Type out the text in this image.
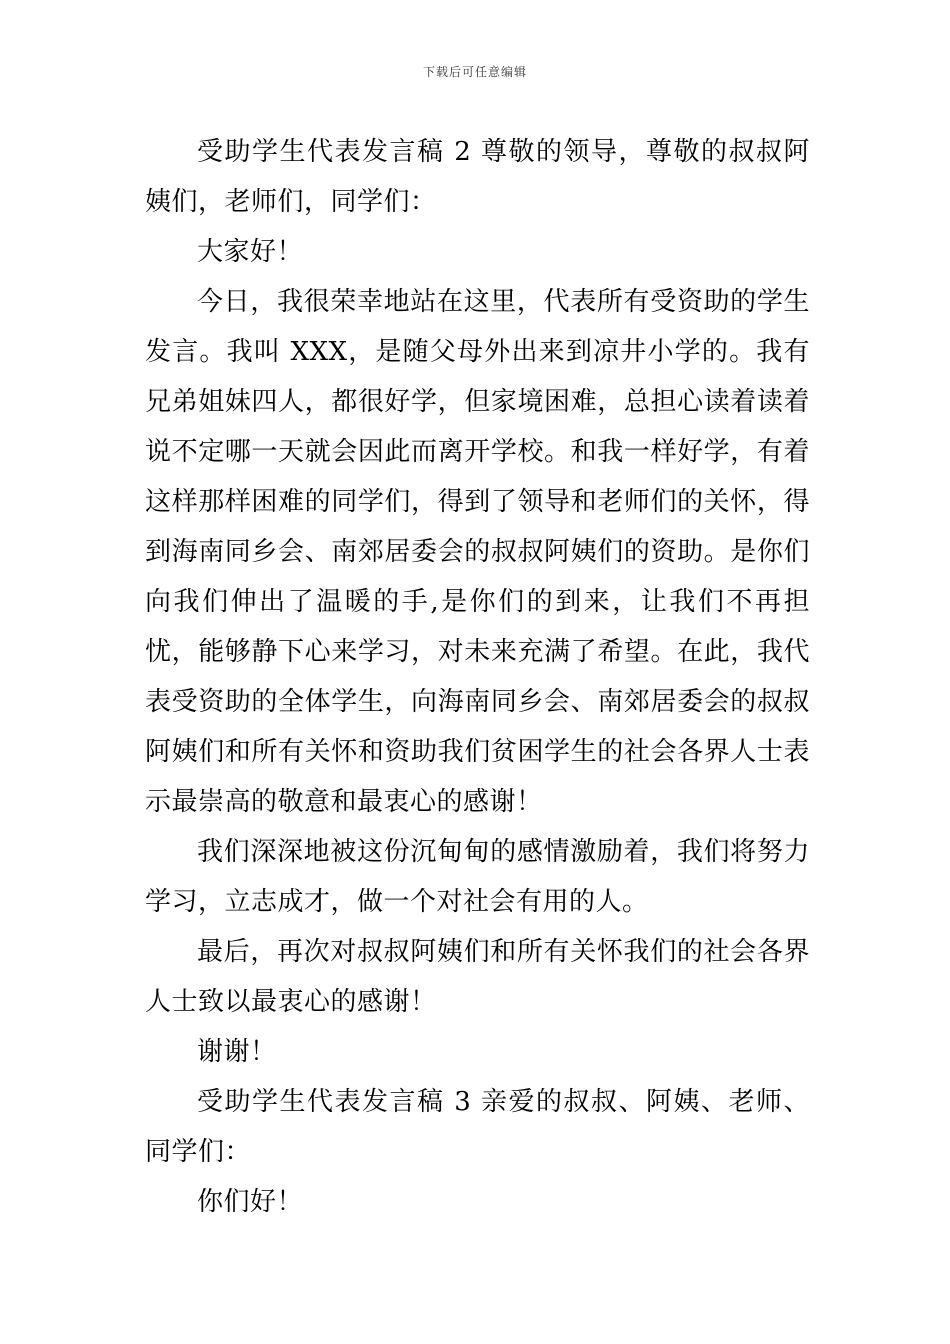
下载后可任意编辑

受助学生代表发言稿 2 尊敬的领导，尊敬的叔叔阿姨们，老师们，同学们：

大家好！

今日，我很荣幸地站在这里，代表所有受资助的学生发言。我叫 XXX，是随父母外出来到凉井小学的。我有兄弟姐妹四人，都很好学，但家境困难，总担心读着读着说不定哪一天就会因此而离开学校。和我一样好学，有着这样那样困难的同学们，得到了领导和老师们的关怀，得到海南同乡会、南郊居委会的叔叔阿姨们的资助。是你们向我们伸出了温暖的手,是你们的到来，让我们不再担忧，能够静下心来学习，对未来充满了希望。在此，我代表受资助的全体学生，向海南同乡会、南郊居委会的叔叔阿姨们和所有关怀和资助我们贫困学生的社会各界人士表示最崇高的敬意和最衷心的感谢！

我们深深地被这份沉甸甸的感情激励着，我们将努力学习，立志成才，做一个对社会有用的人。

最后，再次对叔叔阿姨们和所有关怀我们的社会各界人士致以最衷心的感谢！

谢谢！

受助学生代表发言稿 3 亲爱的叔叔、阿姨、老师、同学们：

你们好！
